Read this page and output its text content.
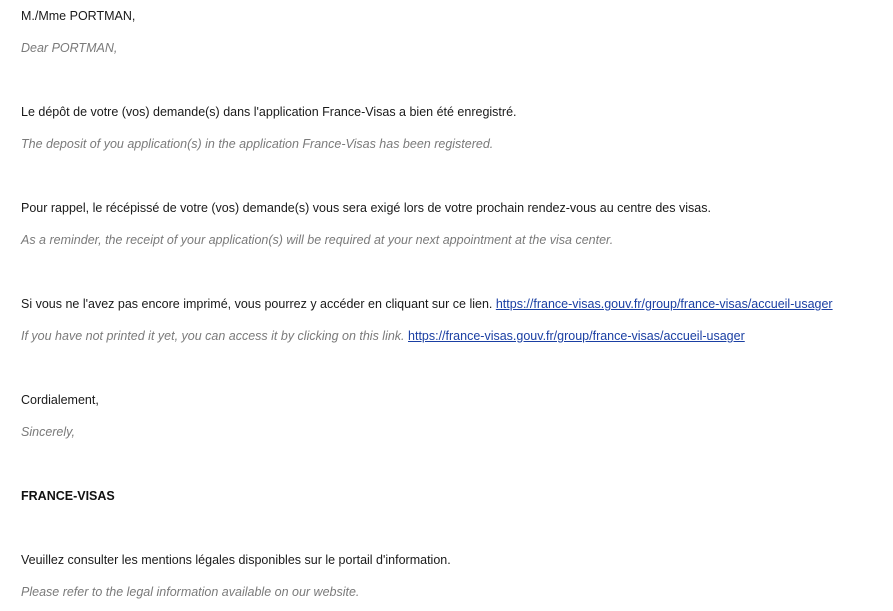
M./Mme PORTMAN,
Dear PORTMAN,
Le dépôt de votre (vos) demande(s) dans l'application France-Visas a bien été enregistré.
The deposit of you application(s) in the application France-Visas has been registered.
Pour rappel, le récépissé de votre (vos) demande(s) vous sera exigé lors de votre prochain rendez-vous au centre des visas.
As a reminder, the receipt of your application(s) will be required at your next appointment at the visa center.
Si vous ne l'avez pas encore imprimé, vous pourrez y accéder en cliquant sur ce lien. https://france-visas.gouv.fr/group/france-visas/accueil-usager
If you have not printed it yet, you can access it by clicking on this link. https://france-visas.gouv.fr/group/france-visas/accueil-usager
Cordialement,
Sincerely,
FRANCE-VISAS
Veuillez consulter les mentions légales disponibles sur le portail d'information.
Please refer to the legal information available on our website.
